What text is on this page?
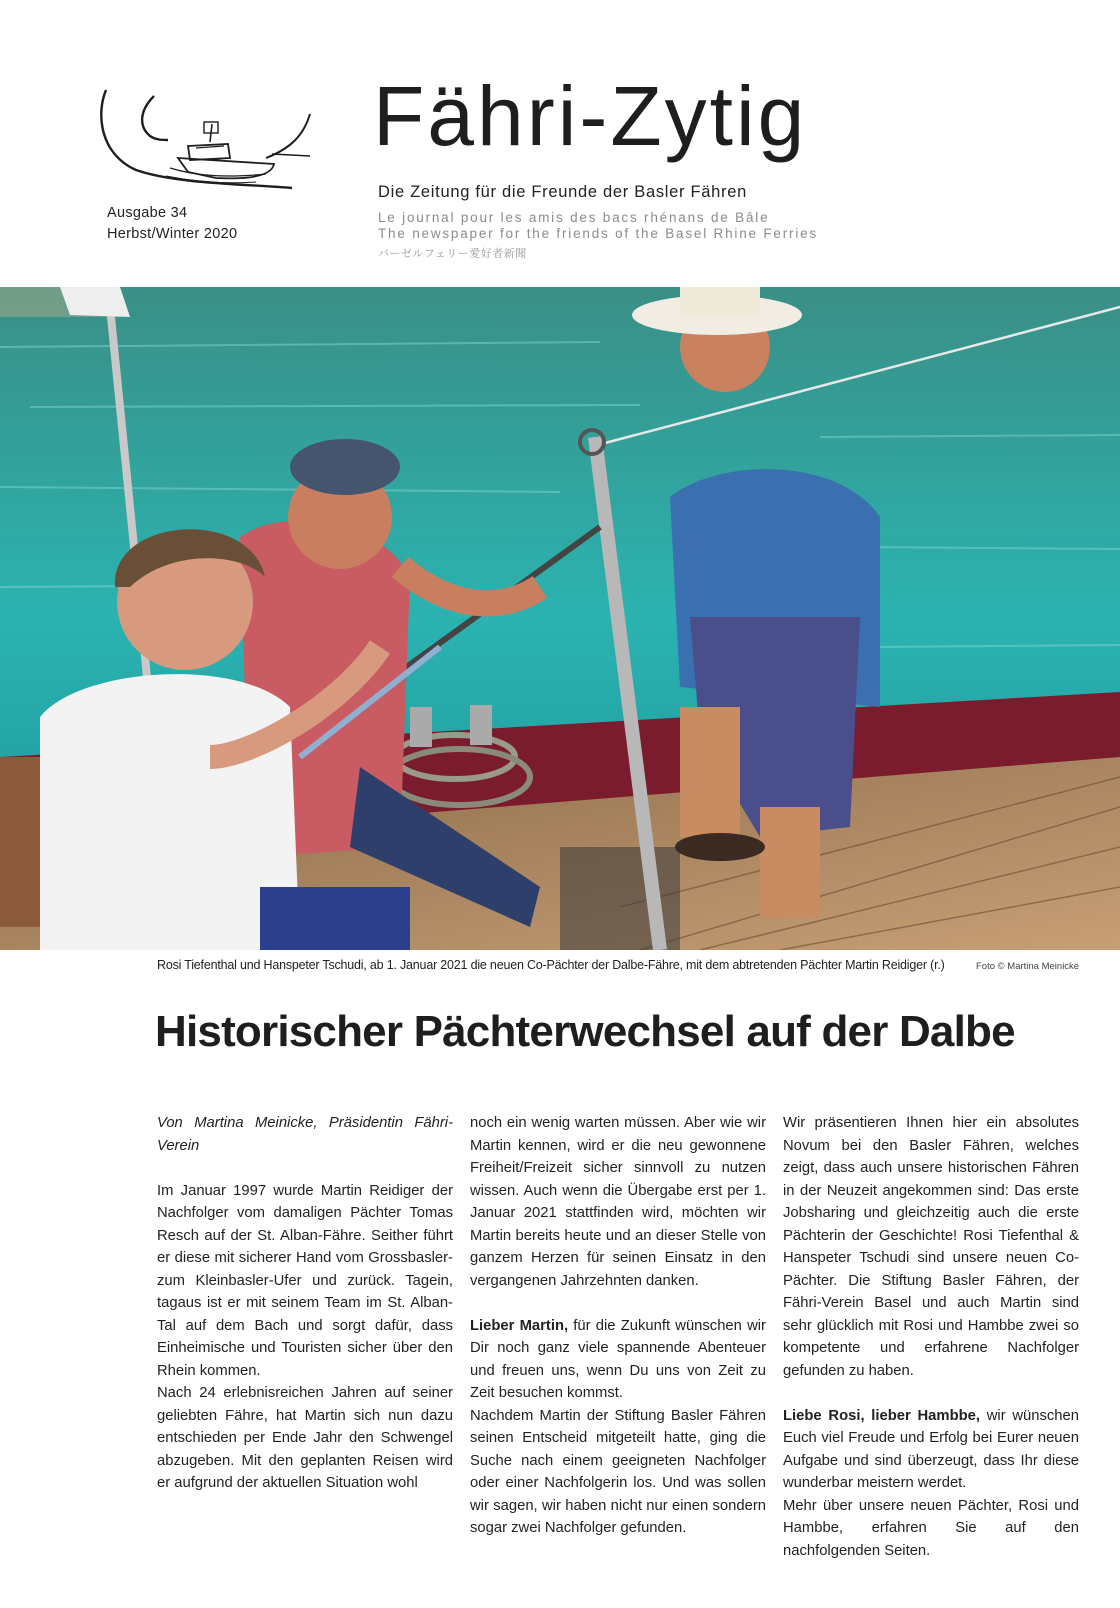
Ausgabe 34
Herbst/Winter 2020
Fähri-Zytig
Die Zeitung für die Freunde der Basler Fähren
Le journal pour les amis des bacs rhénans de Bâle
The newspaper for the friends of the Basel Rhine Ferries
バーゼルフェリー愛好者新聞
Rosi Tiefenthal und Hanspeter Tschudi, ab 1. Januar 2021 die neuen Co-Pächter der Dalbe-Fähre, mit dem abtretenden Pächter Martin Reidiger (r.)	Foto © Martina Meinicke
Historischer Pächterwechsel auf der Dalbe

Von Martina Meinicke, Präsidentin Fähri-Verein

Im Januar 1997 wurde Martin Reidiger der Nachfolger vom damaligen Pächter Tomas Resch auf der St. Alban-Fähre. Seither führt er diese mit sicherer Hand vom Grossbasler- zum Kleinbasler-Ufer und zurück. Tagein, tagaus ist er mit seinem Team im St. Alban-Tal auf dem Bach und sorgt dafür, dass Einheimische und Touristen sicher über den Rhein kommen.

Nach 24 erlebnisreichen Jahren auf seiner geliebten Fähre, hat Martin sich nun dazu entschieden per Ende Jahr den Schwengel abzugeben. Mit den geplanten Reisen wird er aufgrund der aktuellen Situation wohl

noch ein wenig warten müssen. Aber wie wir Martin kennen, wird er die neu gewonnene Freiheit/Freizeit sicher sinnvoll zu nutzen wissen. Auch wenn die Übergabe erst per 1. Januar 2021 stattfinden wird, möchten wir Martin bereits heute und an dieser Stelle von ganzem Herzen für seinen Einsatz in den vergangenen Jahrzehnten danken.

Lieber Martin, für die Zukunft wünschen wir Dir noch ganz viele spannende Abenteuer und freuen uns, wenn Du uns von Zeit zu Zeit besuchen kommst.

Nachdem Martin der Stiftung Basler Fähren seinen Entscheid mitgeteilt hatte, ging die Suche nach einem geeigneten Nachfolger oder einer Nachfolgerin los. Und was sollen wir sagen, wir haben nicht nur einen sondern sogar zwei Nachfolger gefunden.

Wir präsentieren Ihnen hier ein absolutes Novum bei den Basler Fähren, welches zeigt, dass auch unsere historischen Fähren in der Neuzeit angekommen sind: Das erste Jobsharing und gleichzeitig auch die erste Pächterin der Geschichte! Rosi Tiefenthal & Hanspeter Tschudi sind unsere neuen Co-Pächter. Die Stiftung Basler Fähren, der Fähri-Verein Basel und auch Martin sind sehr glücklich mit Rosi und Hambbe zwei so kompetente und erfahrene Nachfolger gefunden zu haben.

Liebe Rosi, lieber Hambbe, wir wünschen Euch viel Freude und Erfolg bei Eurer neuen Aufgabe und sind überzeugt, dass Ihr diese wunderbar meistern werdet.

Mehr über unsere neuen Pächter, Rosi und Hambbe, erfahren Sie auf den nachfolgenden Seiten.
